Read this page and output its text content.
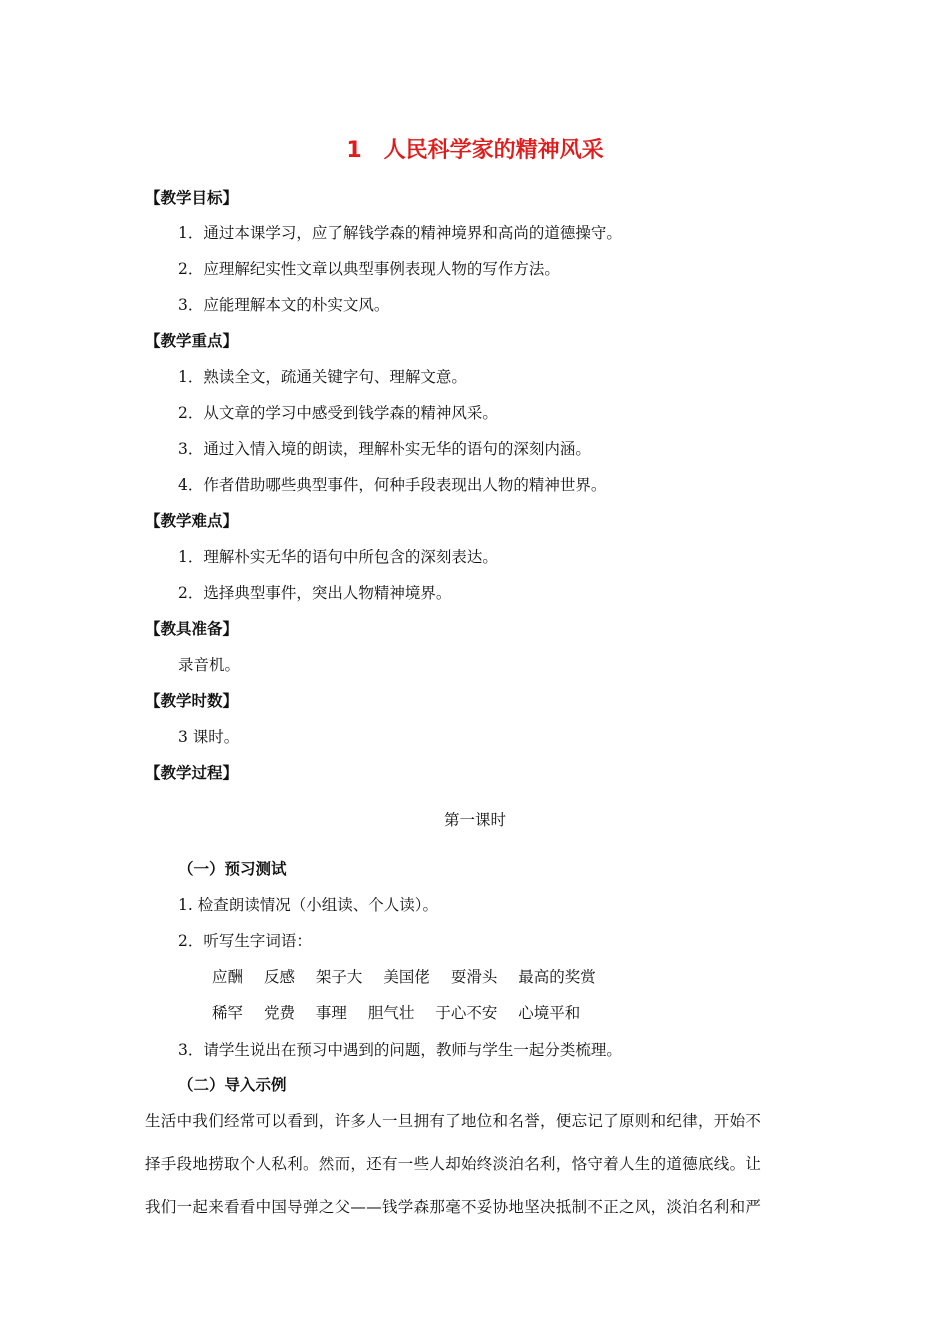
1　人民科学家的精神风采
【教学目标】
1．通过本课学习，应了解钱学森的精神境界和高尚的道德操守。
2．应理解纪实性文章以典型事例表现人物的写作方法。
3．应能理解本文的朴实文风。
【教学重点】
1．熟读全文，疏通关键字句、理解文意。
2．从文章的学习中感受到钱学森的精神风采。
3．通过入情入境的朗读，理解朴实无华的语句的深刻内涵。
4．作者借助哪些典型事件，何种手段表现出人物的精神世界。
【教学难点】
1．理解朴实无华的语句中所包含的深刻表达。
2．选择典型事件，突出人物精神境界。
【教具准备】
录音机。
【教学时数】
3 课时。
【教学过程】
第一课时
（一）预习测试
1. 检查朗读情况（小组读、个人读）。
2．听写生字词语：
应酬 反感 架子大 美国佬 耍滑头 最高的奖赏
稀罕 党费 事理 胆气壮 于心不安 心境平和
3．请学生说出在预习中遇到的问题，教师与学生一起分类梳理。
（二）导入示例
生活中我们经常可以看到，许多人一旦拥有了地位和名誉，便忘记了原则和纪律，开始不
择手段地捞取个人私利。然而，还有一些人却始终淡泊名利，恪守着人生的道德底线。让
我们一起来看看中国导弹之父——钱学森那毫不妥协地坚决抵制不正之风，淡泊名利和严
